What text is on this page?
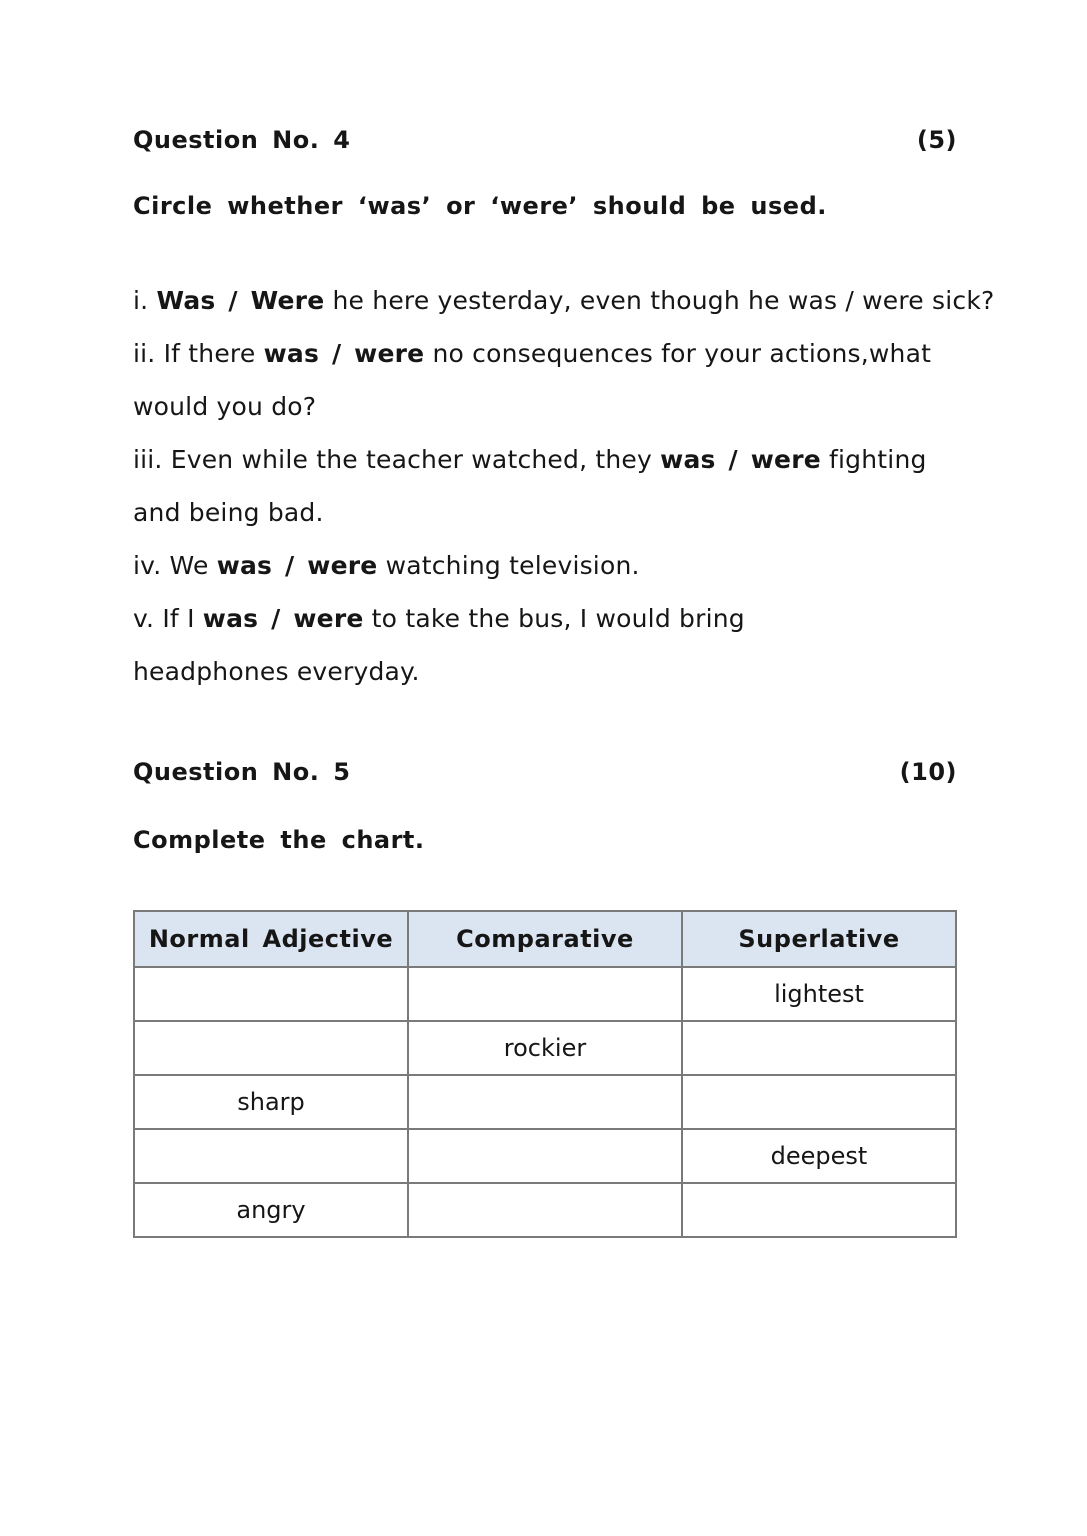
Question No. 4	(5)
Circle whether ‘was’ or ‘were’ should be used.
i. Was / Were he here yesterday, even though he was / were sick?
ii. If there was / were no consequences for your actions,what
would you do?
iii. Even while the teacher watched, they was / were fighting
and being bad.
iv. We was / were watching television.
v. If I was / were to take the bus, I would bring
headphones everyday.
Question No. 5	(10)
Complete the chart.
Normal Adjective	Comparative	Superlative
		lightest
	rockier	
sharp		
		deepest
angry		
